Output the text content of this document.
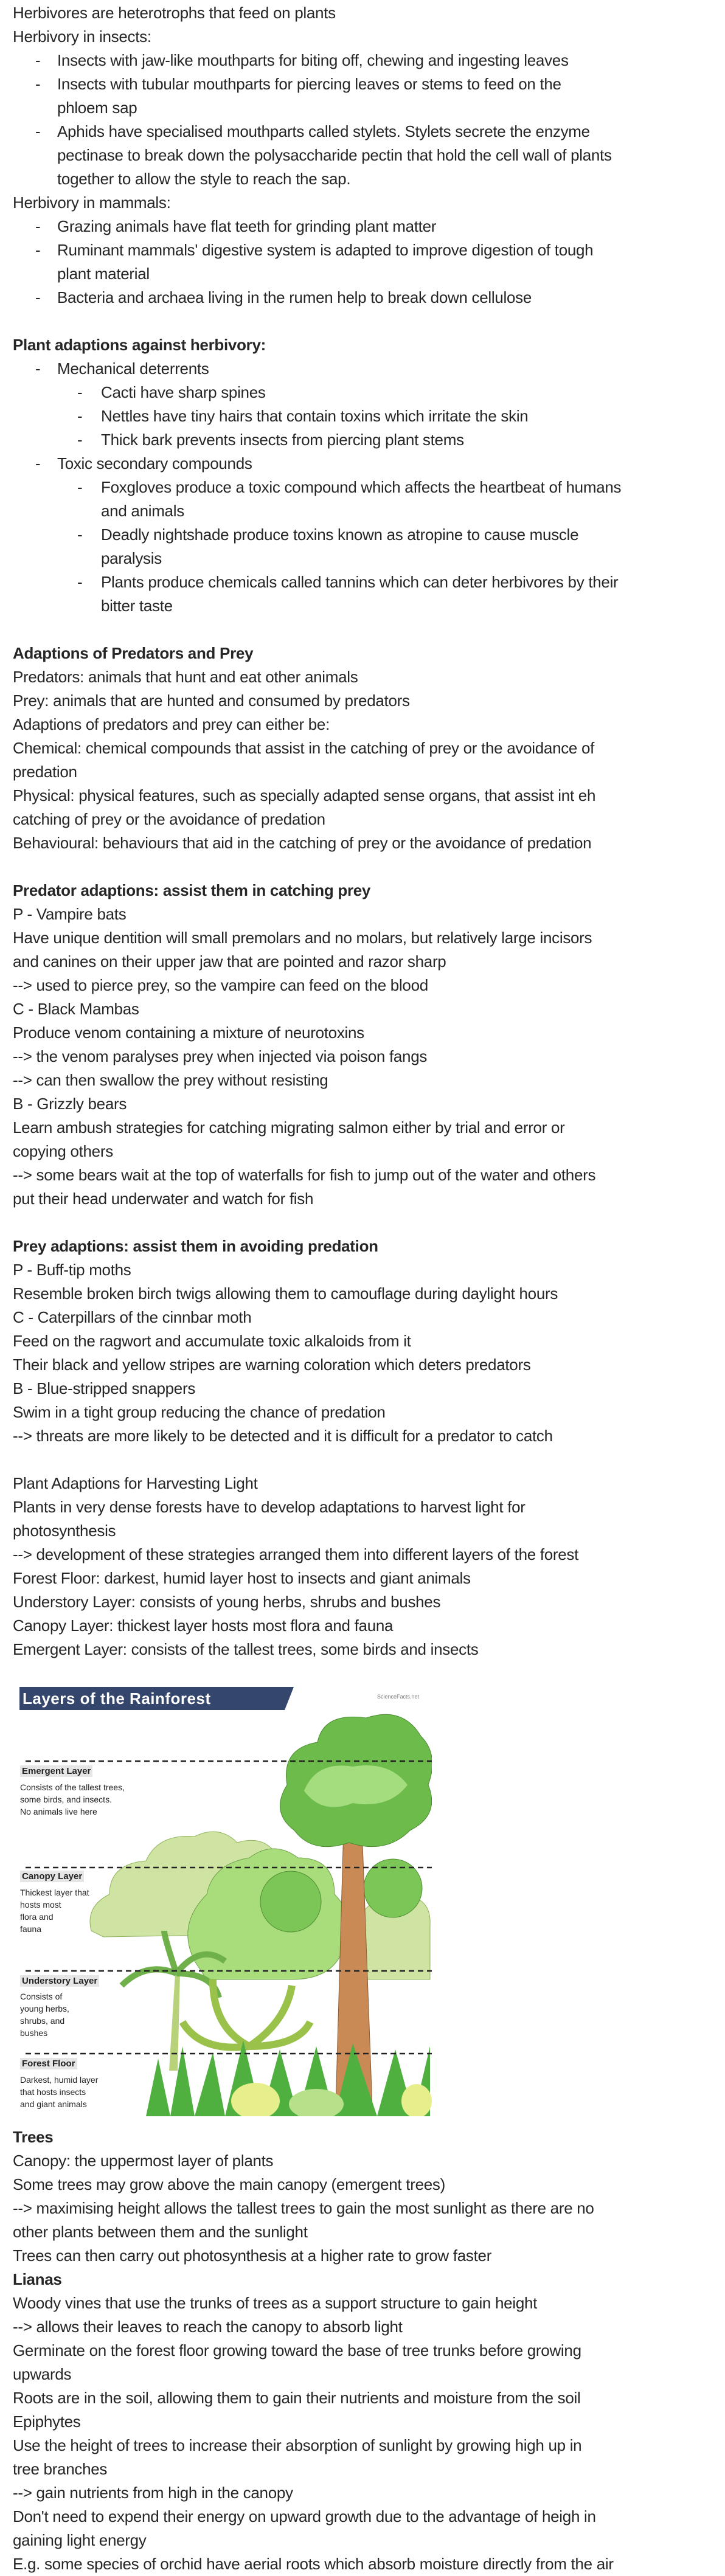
Herbivores are heterotrophs that feed on plants
Herbivory in insects:
- Insects with jaw-like mouthparts for biting off, chewing and ingesting leaves
- Insects with tubular mouthparts for piercing leaves or stems to feed on the
phloem sap
- Aphids have specialised mouthparts called stylets. Stylets secrete the enzyme
pectinase to break down the polysaccharide pectin that hold the cell wall of plants
together to allow the style to reach the sap.
Herbivory in mammals:
- Grazing animals have flat teeth for grinding plant matter
- Ruminant mammals' digestive system is adapted to improve digestion of tough
plant material
- Bacteria and archaea living in the rumen help to break down cellulose
Plant adaptions against herbivory:
- Mechanical deterrents
- Cacti have sharp spines
- Nettles have tiny hairs that contain toxins which irritate the skin
- Thick bark prevents insects from piercing plant stems
- Toxic secondary compounds
- Foxgloves produce a toxic compound which affects the heartbeat of humans
and animals
- Deadly nightshade produce toxins known as atropine to cause muscle
paralysis
- Plants produce chemicals called tannins which can deter herbivores by their
bitter taste
Adaptions of Predators and Prey
Predators: animals that hunt and eat other animals
Prey: animals that are hunted and consumed by predators
Adaptions of predators and prey can either be:
Chemical: chemical compounds that assist in the catching of prey or the avoidance of
predation
Physical: physical features, such as specially adapted sense organs, that assist int eh
catching of prey or the avoidance of predation
Behavioural: behaviours that aid in the catching of prey or the avoidance of predation
Predator adaptions: assist them in catching prey
P - Vampire bats
Have unique dentition will small premolars and no molars, but relatively large incisors
and canines on their upper jaw that are pointed and razor sharp
--> used to pierce prey, so the vampire can feed on the blood
C - Black Mambas
Produce venom containing a mixture of neurotoxins
--> the venom paralyses prey when injected via poison fangs
--> can then swallow the prey without resisting
B - Grizzly bears
Learn ambush strategies for catching migrating salmon either by trial and error or
copying others
--> some bears wait at the top of waterfalls for fish to jump out of the water and others
put their head underwater and watch for fish
Prey adaptions: assist them in avoiding predation
P - Buff-tip moths
Resemble broken birch twigs allowing them to camouflage during daylight hours
C - Caterpillars of the cinnbar moth
Feed on the ragwort and accumulate toxic alkaloids from it
Their black and yellow stripes are warning coloration which deters predators
B - Blue-stripped snappers
Swim in a tight group reducing the chance of predation
--> threats are more likely to be detected and it is difficult for a predator to catch
Plant Adaptions for Harvesting Light
Plants in very dense forests have to develop adaptations to harvest light for
photosynthesis
--> development of these strategies arranged them into different layers of the forest
Forest Floor: darkest, humid layer host to insects and giant animals
Understory Layer: consists of young herbs, shrubs and bushes
Canopy Layer: thickest layer hosts most flora and fauna
Emergent Layer: consists of the tallest trees, some birds and insects
Layers of the Rainforest	ScienceFacts.net
Emergent Layer
Consists of the tallest trees,
some birds, and insects.
No animals live here
Canopy Layer
Thickest layer that
hosts most
flora and
fauna
Understory Layer
Consists of
young herbs,
shrubs, and
bushes
Forest Floor
Darkest, humid layer
that hosts insects
and giant animals
Trees
Canopy: the uppermost layer of plants
Some trees may grow above the main canopy (emergent trees)
--> maximising height allows the tallest trees to gain the most sunlight as there are no
other plants between them and the sunlight
Trees can then carry out photosynthesis at a higher rate to grow faster
Lianas
Woody vines that use the trunks of trees as a support structure to gain height
--> allows their leaves to reach the canopy to absorb light
Germinate on the forest floor growing toward the base of tree trunks before growing
upwards
Roots are in the soil, allowing them to gain their nutrients and moisture from the soil
Epiphytes
Use the height of trees to increase their absorption of sunlight by growing high up in
tree branches
--> gain nutrients from high in the canopy
Don't need to expend their energy on upward growth due to the advantage of heigh in
gaining light energy
E.g. some species of orchid have aerial roots which absorb moisture directly from the air
